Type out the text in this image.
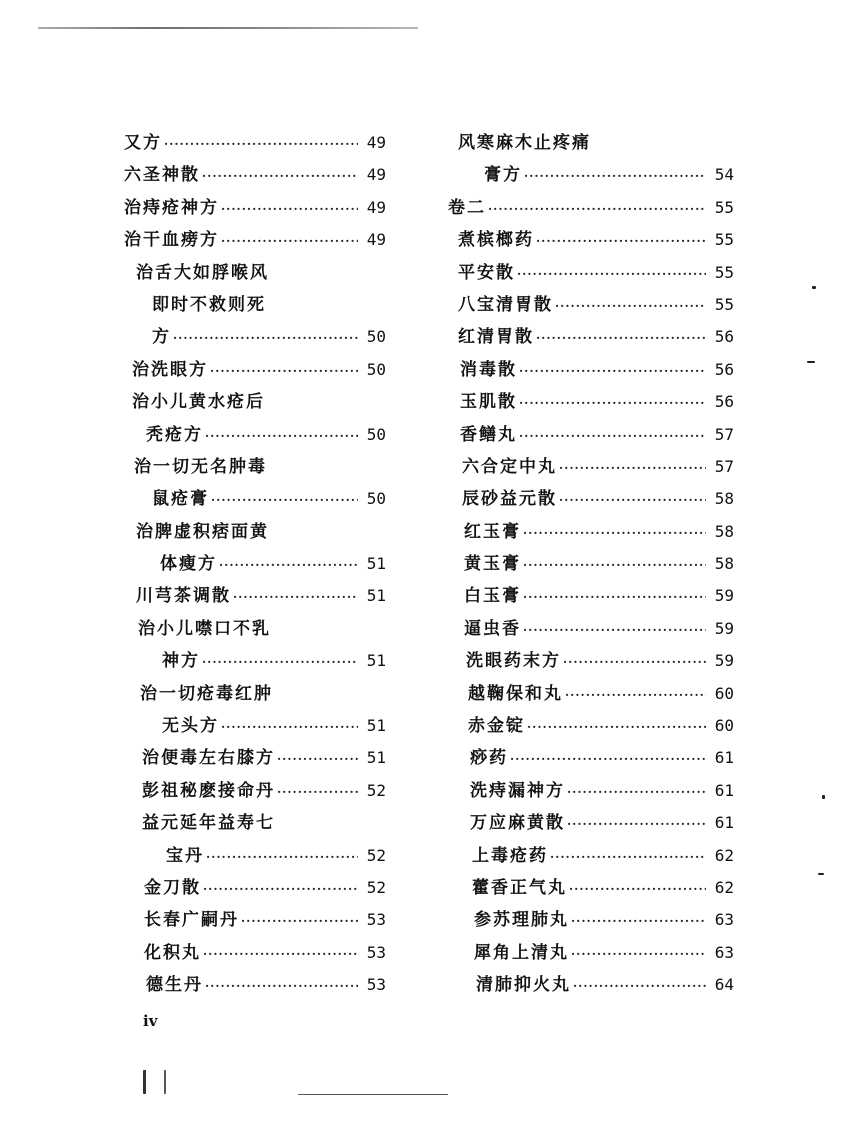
又方 ·····	49
六圣神散 ·····	49
治痔疮神方 ·····	49
治干血痨方 ·····	49
治舌大如脬喉风
即时不救则死
方 ·····	50
治洗眼方 ·····	50
治小儿黄水疮后
秃疮方 ·····	50
治一切无名肿毒
鼠疮膏 ·····	50
治脾虚积痞面黄
体瘦方 ·····	51
川芎茶调散 ·····	51
治小儿噤口不乳
神方 ·····	51
治一切疮毒红肿
无头方 ·····	51
治便毒左右膝方 ·····	51
彭祖秘麽接命丹 ·····	52
益元延年益寿七
宝丹 ·····	52
金刀散 ·····	52
长春广嗣丹 ·····	53
化积丸 ·····	53
德生丹 ·····	53
风寒麻木止疼痛
膏方 ·····	54
卷二 ·····	55
煮槟榔药 ·····	55
平安散 ·····	55
八宝清胃散 ·····	55
红清胃散 ·····	56
消毒散 ·····	56
玉肌散 ·····	56
香鳝丸 ·····	57
六合定中丸 ·····	57
辰砂益元散 ·····	58
红玉膏 ·····	58
黄玉膏 ·····	58
白玉膏 ·····	59
逼虫香 ·····	59
洗眼药末方 ·····	59
越鞠保和丸 ·····	60
赤金锭 ·····	60
痧药 ·····	61
洗痔漏神方 ·····	61
万应麻黄散 ·····	61
上毒疮药 ·····	62
藿香正气丸 ·····	62
参苏理肺丸 ·····	63
犀角上清丸 ·····	63
清肺抑火丸 ·····	64
iv
